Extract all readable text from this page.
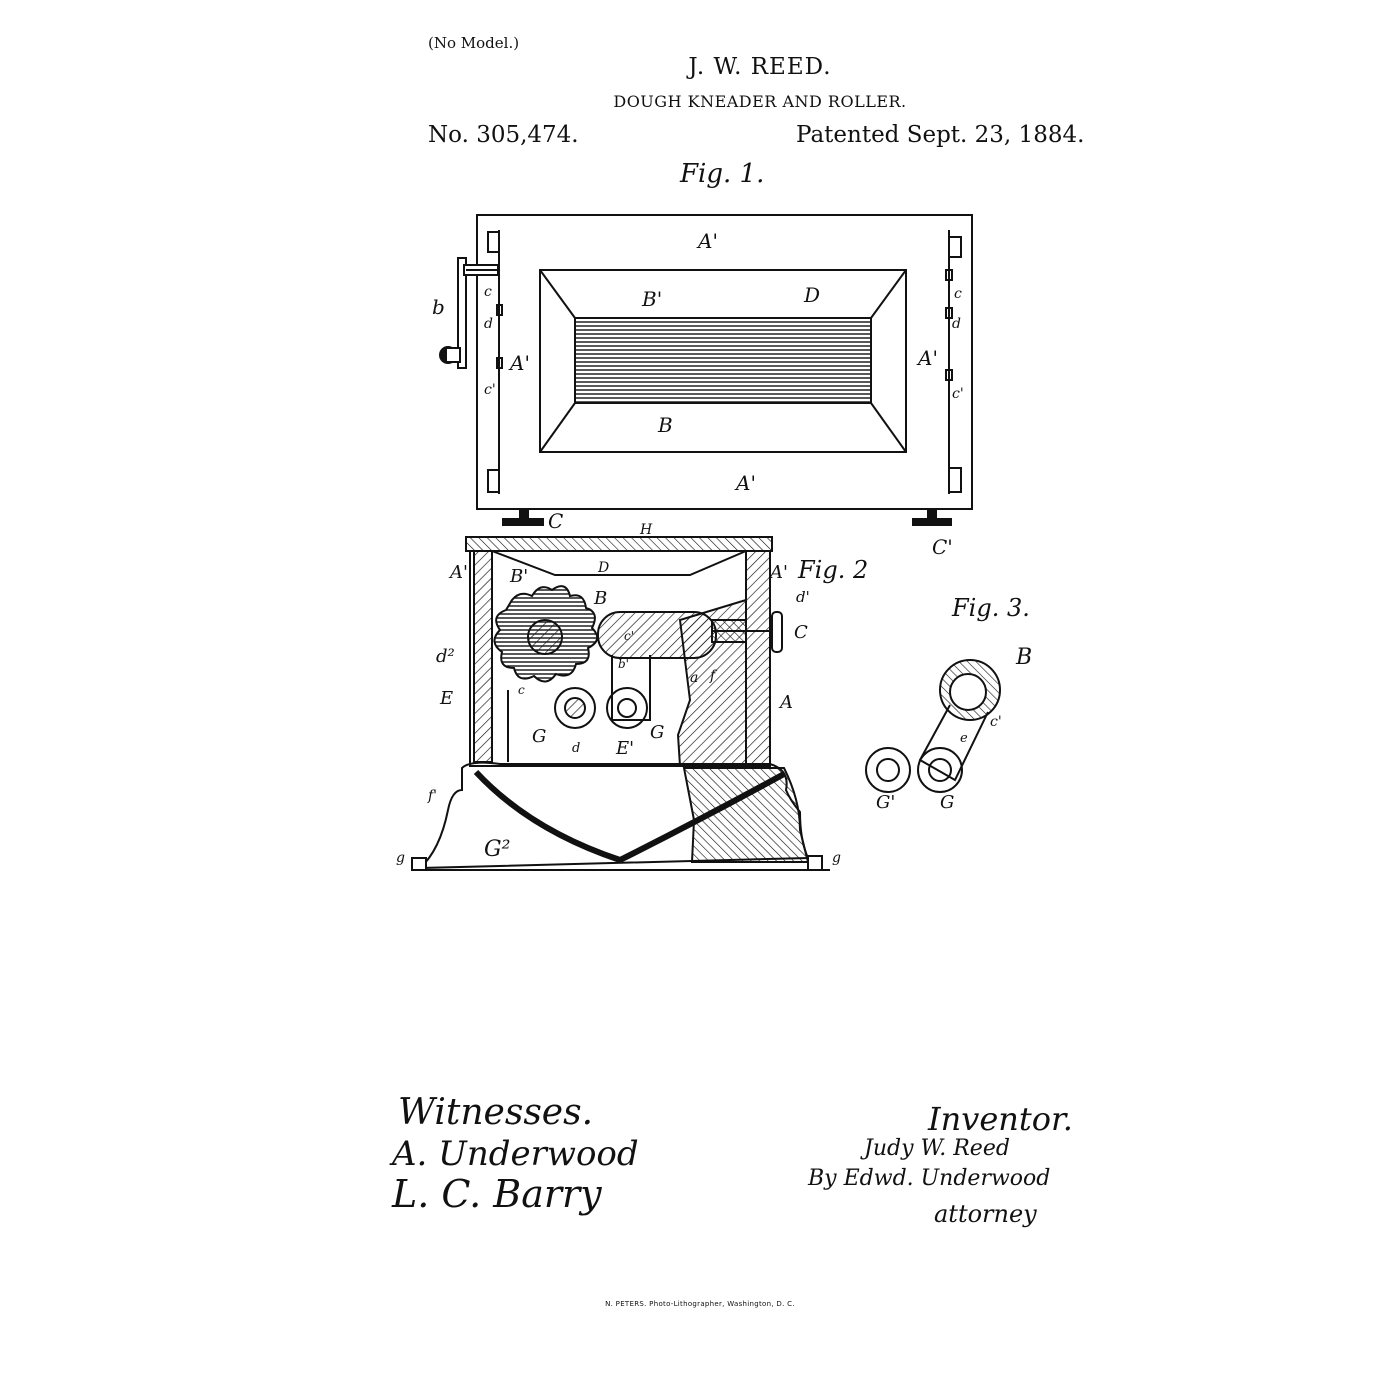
(No Model.)
J. W. REED.
DOUGH KNEADER AND ROLLER.
No. 305,474.	Patented Sept. 23, 1884.
Fig. 1.
Fig. 2
Fig. 3.
A'
A'	A'
A'
B'	D
B
b
c
d
c'
c
d
c'
C
C'
H
D
A' B'
B
A'
d'
C
d²
c
c'
b'
a f
E
G
d
G
E'
A
f'
G²
g	g
B
c'
e
G' G
Witnesses.
A. Underwood
L. C. Barry
Inventor.
Judy W. Reed
By Edwd. Underwood
attorney
N. PETERS. Photo-Lithographer, Washington, D. C.
